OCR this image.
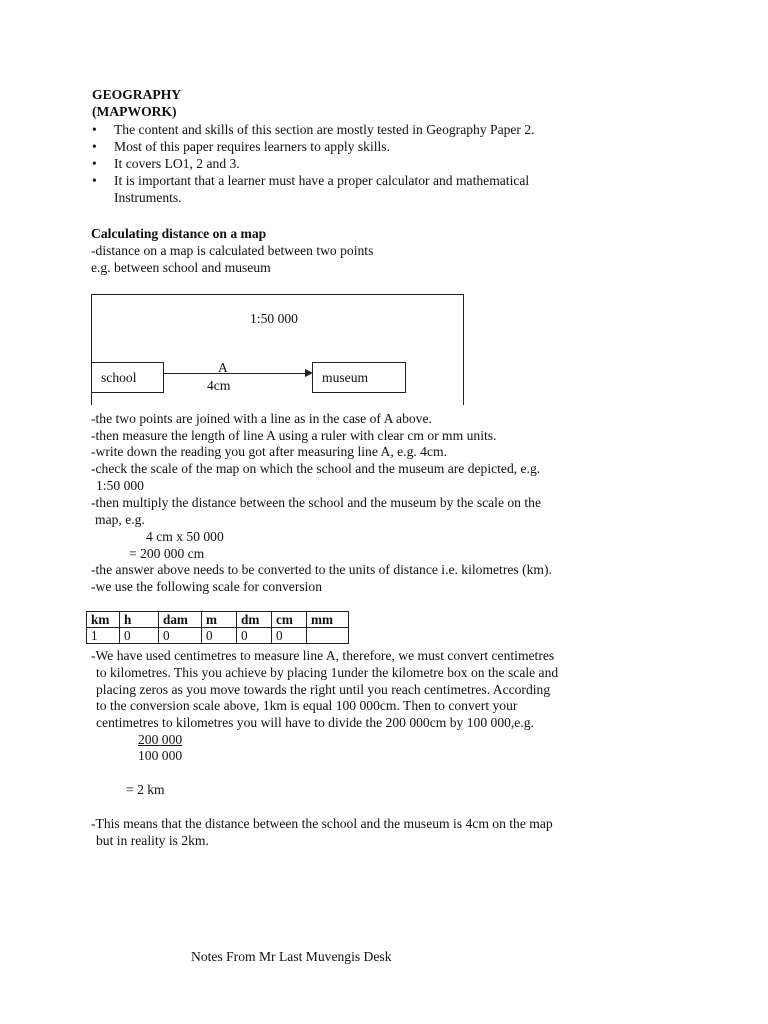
GEOGRAPHY
(MAPWORK)
• The content and skills of this section are mostly tested in Geography Paper 2.
• Most of this paper requires learners to apply skills.
• It covers LO1, 2 and 3.
• It is important that a learner must have a proper calculator and mathematical
Instruments.
Calculating distance on a map
-distance on a map is calculated between two points
e.g. between school and museum
1:50 000
school
A
4cm
museum
-the two points are joined with a line as in the case of A above.
-then measure the length of line A using a ruler with clear cm or mm units.
-write down the reading you got after measuring line A, e.g. 4cm.
-check the scale of the map on which the school and the museum are depicted, e.g.
1:50 000
-then multiply the distance between the school and the museum by the scale on the
map, e.g.
4 cm x 50 000
= 200 000 cm
-the answer above needs to be converted to the units of distance i.e. kilometres (km).
-we use the following scale for conversion
km	h	dam	m	dm	cm	mm
1	0	0	0	0	0	
-We have used centimetres to measure line A, therefore, we must convert centimetres
to kilometres. This you achieve by placing 1under the kilometre box on the scale and
placing zeros as you move towards the right until you reach centimetres. According
to the conversion scale above, 1km is equal 100 000cm. Then to convert your
centimetres to kilometres you will have to divide the 200 000cm by 100 000,e.g.
200 000
100 000
= 2 km
-This means that the distance between the school and the museum is 4cm on the map
but in reality is 2km.
Notes From Mr Last Muvengis Desk
